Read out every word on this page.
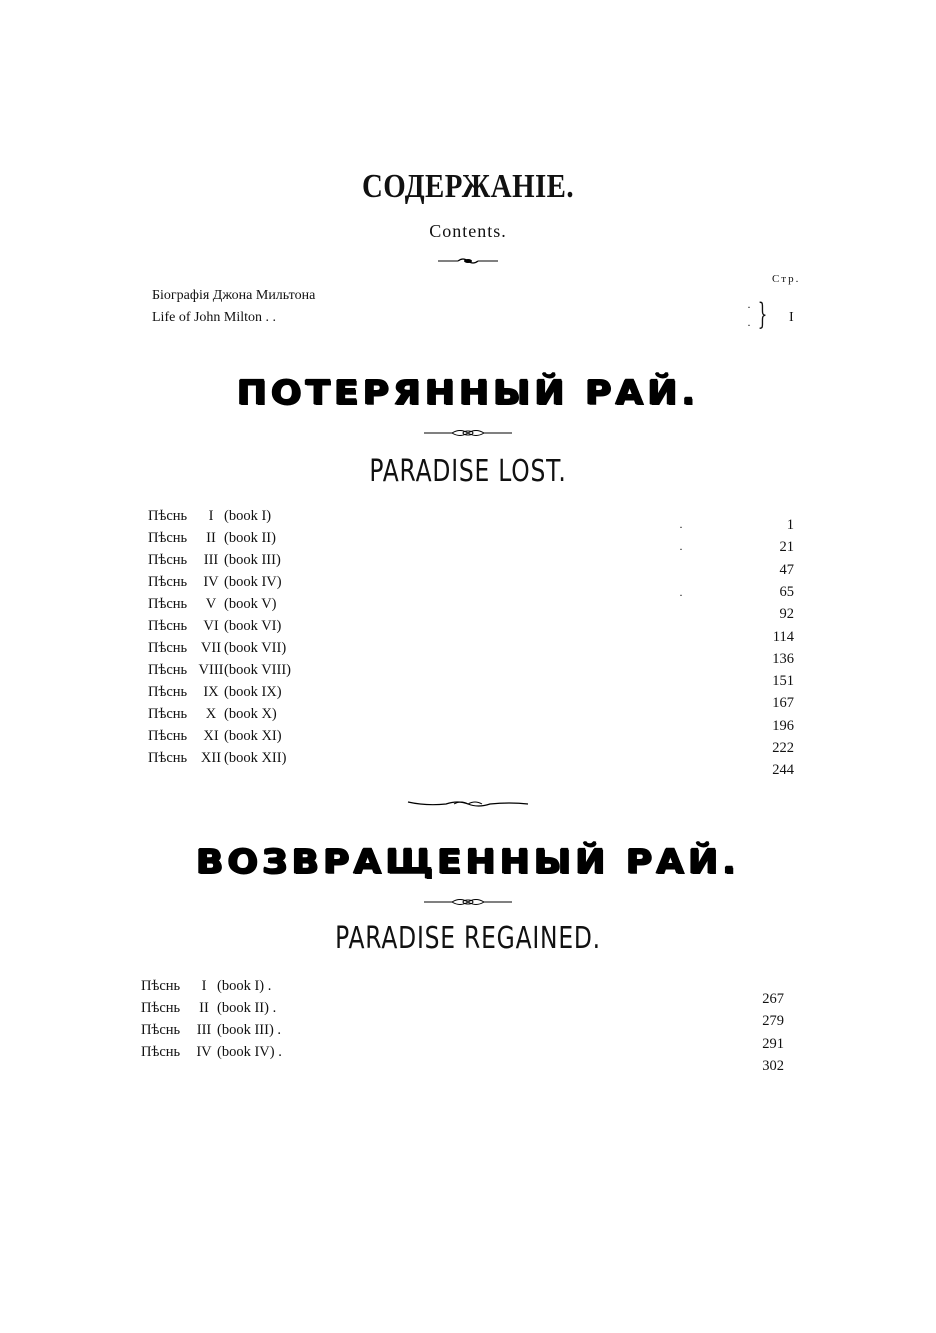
СОДЕРЖАНІЕ.
Contents.
Стр.
Біографія Джона Мильтона
Life of John Milton . .
·
· } I
ПОТЕРЯННЫЙ РАЙ.
PARADISE LOST.
Пѣснь I (book I)
1
Пѣснь II (book II)
21
Пѣснь III (book III)
47
Пѣснь IV (book IV)
65
Пѣснь V (book V)
92
Пѣснь VI (book VI)
114
Пѣснь VII (book VII)
136
Пѣснь VIII(book VIII)
151
Пѣснь IX (book IX)
167
Пѣснь X (book X)
196
Пѣснь XI (book XI)
222
Пѣснь XII (book XII)
244
·
·
·
ВОЗВРАЩЕННЫЙ РАЙ.
PARADISE REGAINED.
Пѣснь I (book I) .
267
Пѣснь II (book II) .
279
Пѣснь III (book III) .
291
Пѣснь IV (book IV) .
302
